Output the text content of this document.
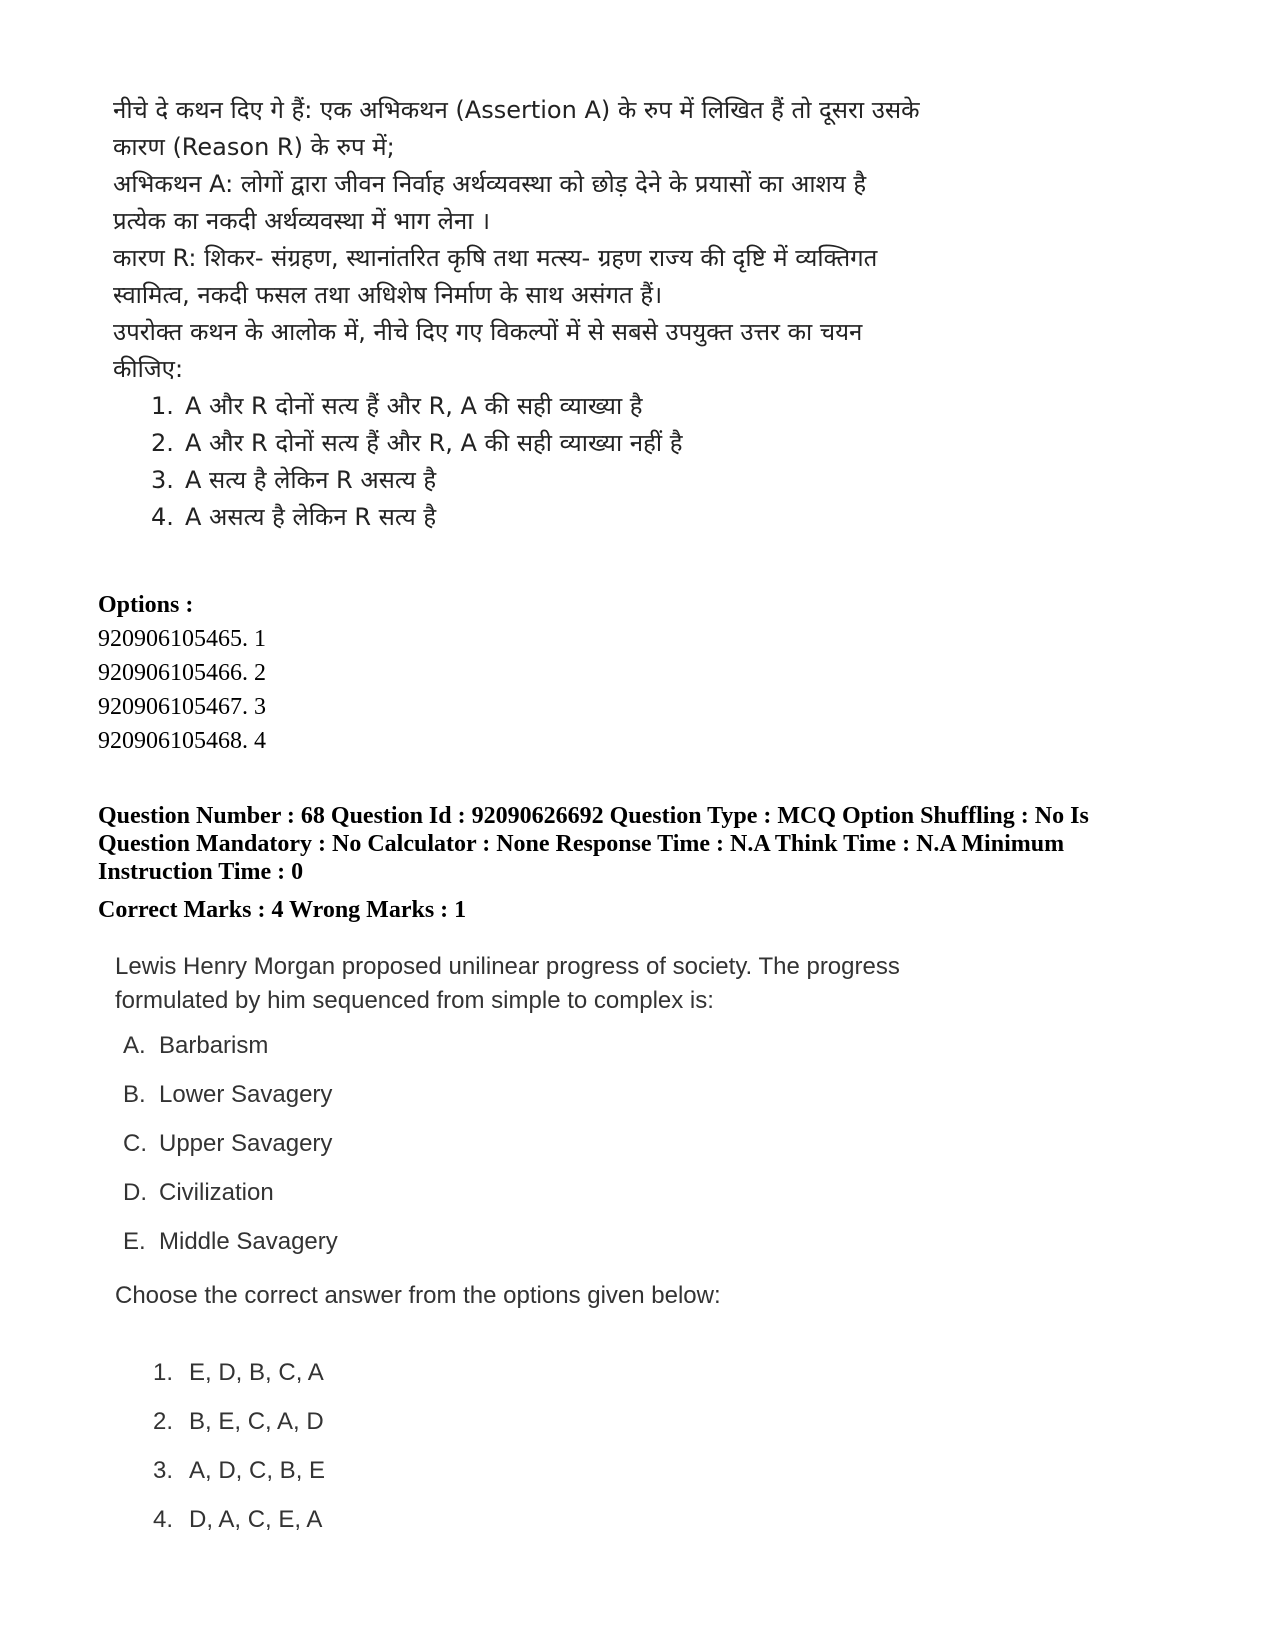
नीचे दे कथन दिए गे हैं: एक अभिकथन (Assertion A) के रुप में लिखित हैं तो दूसरा उसके

कारण (Reason R) के रुप में;

अभिकथन A: लोगों द्वारा जीवन निर्वाह अर्थव्यवस्था को छोड़ देने के प्रयासों का आशय है

प्रत्येक का नकदी अर्थव्यवस्था में भाग लेना ।

कारण R: शिकर- संग्रहण, स्थानांतरित कृषि तथा मत्स्य- ग्रहण राज्य की दृष्टि में व्यक्तिगत

स्वामित्व, नकदी फसल तथा अधिशेष निर्माण के साथ असंगत हैं।

उपरोक्त कथन के आलोक में, नीचे दिए गए विकल्पों में से सबसे उपयुक्त उत्तर का चयन

कीजिए:

1. A और R दोनों सत्य हैं और R, A की सही व्याख्या है
2. A और R दोनों सत्य हैं और R, A की सही व्याख्या नहीं है
3. A सत्य है लेकिन R असत्य है
4. A असत्य है लेकिन R सत्य है
Options :
920906105465. 1
920906105466. 2
920906105467. 3
920906105468. 4
Question Number : 68 Question Id : 92090626692 Question Type : MCQ Option Shuffling : No Is
Question Mandatory : No Calculator : None Response Time : N.A Think Time : N.A Minimum
Instruction Time : 0
Correct Marks : 4 Wrong Marks : 1

Lewis Henry Morgan proposed unilinear progress of society. The progress

formulated by him sequenced from simple to complex is:

A. Barbarism
B. Lower Savagery
C. Upper Savagery
D. Civilization
E. Middle Savagery

Choose the correct answer from the options given below:

1. E, D, B, C, A
2. B, E, C, A, D
3. A, D, C, B, E
4. D, A, C, E, A
